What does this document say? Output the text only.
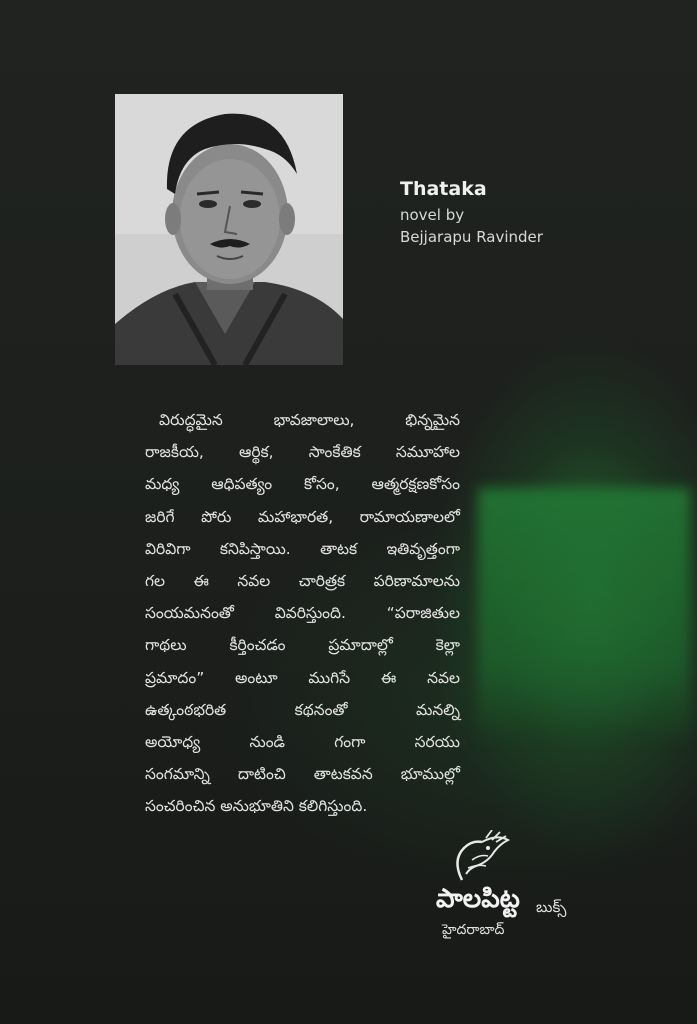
Thataka
novel by
Bejjarapu Ravinder
విరుద్ధమైన భావజాలాలు, భిన్నమైన
రాజకీయ, ఆర్థిక, సాంకేతిక సమూహాల
మధ్య ఆధిపత్యం కోసం, ఆత్మరక్షణకోసం
జరిగే పోరు మహాభారత, రామాయణాలలో
విరివిగా కనిపిస్తాయి. తాటక ఇతివృత్తంగా
గల ఈ నవల చారిత్రక పరిణామాలను
సంయమనంతో వివరిస్తుంది. “పరాజితుల
గాథలు కీర్తించడం ప్రమాదాల్లో కెల్లా
ప్రమాదం” అంటూ ముగిసే ఈ నవల
ఉత్కంఠభరిత కథనంతో మనల్ని
అయోధ్య నుండి గంగా సరయు
సంగమాన్ని దాటించి తాటకవన భూముల్లో
సంచరించిన అనుభూతిని కలిగిస్తుంది.
పాలపిట్ట బుక్స్
హైదరాబాద్
